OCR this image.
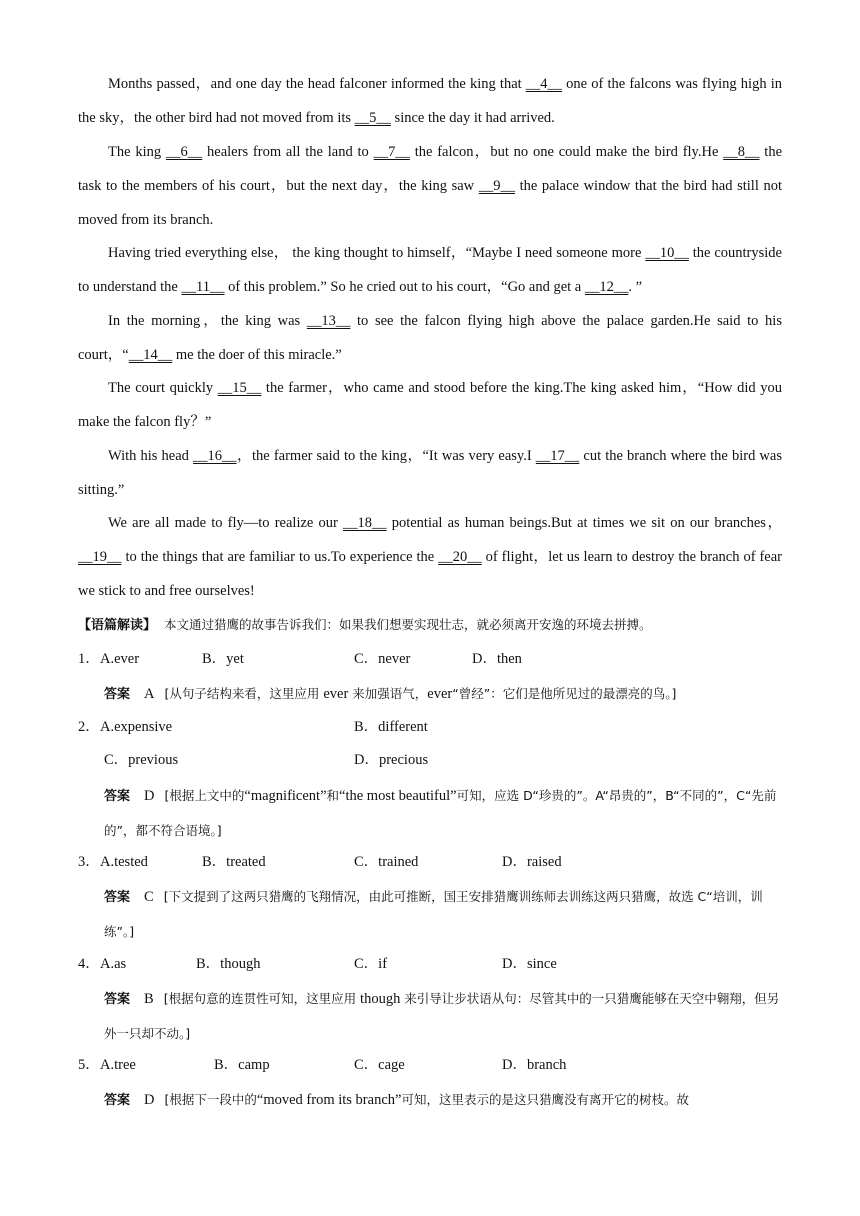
Months passed，and one day the head falconer informed the king that __4__ one of the falcons was flying high in the sky，the other bird had not moved from its __5__ since the day it had arrived.

The king __6__ healers from all the land to __7__ the falcon，but no one could make the bird fly.He __8__ the task to the members of his court，but the next day，the king saw __9__ the palace window that the bird had still not moved from its branch.

Having tried everything else， the king thought to himself，“Maybe I need someone more __10__ the countryside to understand the __11__ of this problem.” So he cried out to his court，“Go and get a __12__. ”

In the morning，the king was __13__ to see the falcon flying high above the palace garden.He said to his court，“__14__ me the doer of this miracle.”

The court quickly __15__ the farmer，who came and stood before the king.The king asked him，“How did you make the falcon fly？”

With his head __16__，the farmer said to the king，“It was very easy.I __17__ cut the branch where the bird was sitting.”

We are all made to fly—to realize our __18__ potential as human beings.But at times we sit on our branches，__19__ to the things that are familiar to us.To experience the __20__ of flight，let us learn to destroy the branch of fear we stick to and free ourselves!

【语篇解读】 本文通过猎鹰的故事告诉我们：如果我们想要实现壮志，就必须离开安逸的环境去拼搏。

1． A.ever	B．yet	C．never	D．then

答案 A [从句子结构来看，这里应用 ever 来加强语气，ever“曾经”：它们是他所见过的最漂亮的鸟。]

2． A.expensive	B．different
C．previous	D．precious

答案 D [根据上文中的“magnificent”和“the most beautiful”可知，应选 D“珍贵的”。A“昂贵的”，B“不同的”，C“先前的”，都不符合语境。]

3． A.tested	B．treated	C．trained	D．raised

答案 C [下文提到了这两只猎鹰的飞翔情况，由此可推断，国王安排猎鹰训练师去训练这两只猎鹰，故选 C“培训，训练”。]

4． A.as	B．though	C．if	D．since

答案 B [根据句意的连贯性可知，这里应用 though 来引导让步状语从句：尽管其中的一只猎鹰能够在天空中翱翔，但另外一只却不动。]

5． A.tree	B．camp	C．cage	D．branch

答案 D [根据下一段中的“moved from its branch”可知，这里表示的是这只猎鹰没有离开它的树枝。故
